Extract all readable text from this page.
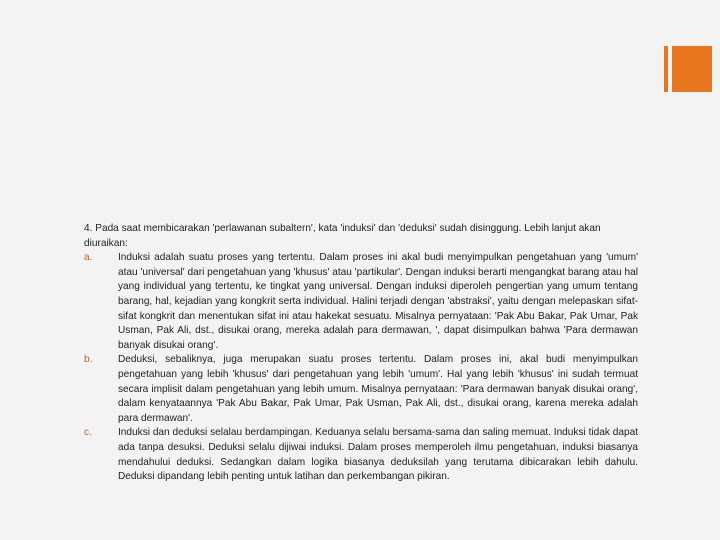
4. Pada saat membicarakan 'perlawanan subaltern', kata 'induksi' dan 'deduksi' sudah disinggung. Lebih lanjut akan diuraikan:

a.	Induksi adalah suatu proses yang tertentu. Dalam proses ini akal budi menyimpulkan pengetahuan yang 'umum' atau 'universal' dari pengetahuan yang 'khusus' atau 'partikular'. Dengan induksi berarti mengangkat barang atau hal yang individual yang tertentu, ke tingkat yang universal. Dengan induksi diperoleh pengertian yang umum tentang barang, hal, kejadian yang kongkrit serta individual. Halini terjadi dengan 'abstraksi', yaitu dengan melepaskan sifat-sifat kongkrit dan menentukan sifat ini atau hakekat sesuatu. Misalnya pernyataan: 'Pak Abu Bakar, Pak Umar, Pak Usman, Pak Ali, dst., disukai orang, mereka adalah para dermawan, ', dapat disimpulkan bahwa 'Para dermawan banyak disukai orang'.
b.	Deduksi, sebaliknya, juga merupakan suatu proses tertentu. Dalam proses ini, akal budi menyimpulkan pengetahuan yang lebih 'khusus' dari pengetahuan yang lebih 'umum'. Hal yang lebih 'khusus' ini sudah termuat secara implisit dalam pengetahuan yang lebih umum. Misalnya pernyataan: 'Para dermawan banyak disukai orang', dalam kenyataannya 'Pak Abu Bakar, Pak Umar, Pak Usman, Pak Ali, dst., disukai orang, karena mereka adalah para dermawan'.
c.	Induksi dan deduksi selalau berdampingan. Keduanya selalu bersama-sama dan saling memuat. Induksi tidak dapat ada tanpa desuksi. Deduksi selalu dijiwai induksi. Dalam proses memperoleh ilmu pengetahuan, induksi biasanya mendahului deduksi. Sedangkan dalam logika biasanya deduksilah yang terutama dibicarakan lebih dahulu. Deduksi dipandang lebih penting untuk latihan dan perkembangan pikiran.
